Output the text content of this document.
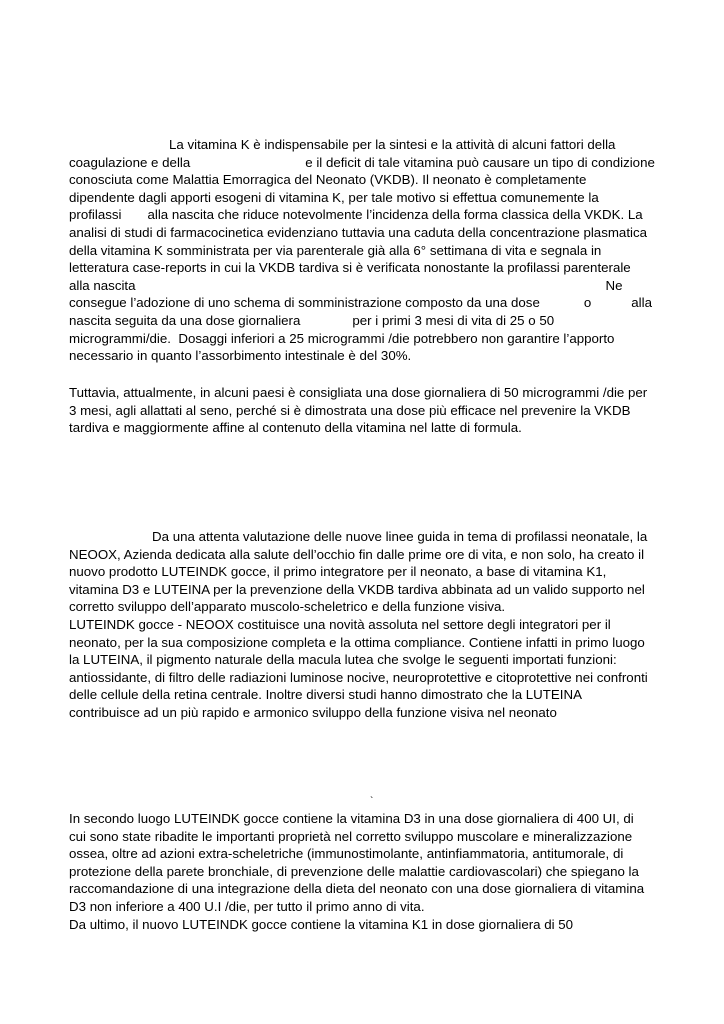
La vitamina K è indispensabile per la sintesi e la attività di alcuni fattori della
coagulazione e della	e il deficit di tale vitamina può causare un tipo di condizione
conosciuta come Malattia Emorragica del Neonato (VKDB). Il neonato è completamente
dipendente dagli apporti esogeni di vitamina K, per tale motivo si effettua comunemente la
profilassi alla nascita che riduce notevolmente l’incidenza della forma classica della VKDK. La
analisi di studi di farmacocinetica evidenziano tuttavia una caduta della concentrazione plasmatica
della vitamina K somministrata per via parenterale già alla 6° settimana di vita e segnala in
letteratura case-reports in cui la VKDB tardiva si è verificata nonostante la profilassi parenterale
alla nascita	Ne
consegue l’adozione di uno schema di somministrazione composto da una dose	o	alla
nascita seguita da una dose giornaliera	per i primi 3 mesi di vita di 25 o 50
microgrammi/die.  Dosaggi inferiori a 25 microgrammi /die potrebbero non garantire l’apporto
necessario in quanto l’assorbimento intestinale è del 30%.
Tuttavia, attualmente, in alcuni paesi è consigliata una dose giornaliera di 50 microgrammi /die per
3 mesi, agli allattati al seno, perché si è dimostrata una dose più efficace nel prevenire la VKDB
tardiva e maggiormente affine al contenuto della vitamina nel latte di formula.
Da una attenta valutazione delle nuove linee guida in tema di profilassi neonatale, la
NEOOX, Azienda dedicata alla salute dell’occhio fin dalle prime ore di vita, e non solo, ha creato il
nuovo prodotto LUTEINDK gocce, il primo integratore per il neonato, a base di vitamina K1,
vitamina D3 e LUTEINA per la prevenzione della VKDB tardiva abbinata ad un valido supporto nel
corretto sviluppo dell’apparato muscolo-scheletrico e della funzione visiva.
LUTEINDK gocce - NEOOX costituisce una novità assoluta nel settore degli integratori per il
neonato, per la sua composizione completa e la ottima compliance. Contiene infatti in primo luogo
la LUTEINA, il pigmento naturale della macula lutea che svolge le seguenti importati funzioni:
antiossidante, di filtro delle radiazioni luminose nocive, neuroprotettive e citoprotettive nei confronti
delle cellule della retina centrale. Inoltre diversi studi hanno dimostrato che la LUTEINA
contribuisce ad un più rapido e armonico sviluppo della funzione visiva nel neonato
`
In secondo luogo LUTEINDK gocce contiene la vitamina D3 in una dose giornaliera di 400 UI, di
cui sono state ribadite le importanti proprietà nel corretto sviluppo muscolare e mineralizzazione
ossea, oltre ad azioni extra-scheletriche (immunostimolante, antinfiammatoria, antitumorale, di
protezione della parete bronchiale, di prevenzione delle malattie cardiovascolari) che spiegano la
raccomandazione di una integrazione della dieta del neonato con una dose giornaliera di vitamina
D3 non inferiore a 400 U.I /die, per tutto il primo anno di vita.
Da ultimo, il nuovo LUTEINDK gocce contiene la vitamina K1 in dose giornaliera di 50
